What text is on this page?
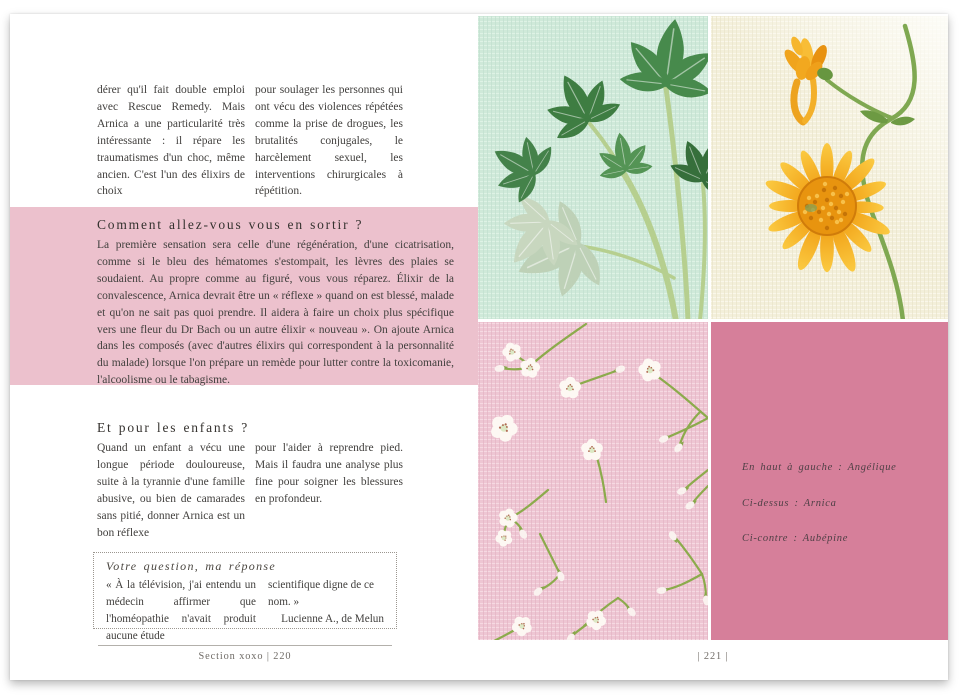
dérer qu'il fait double emploi avec Rescue Remedy. Mais Arnica a une particularité très intéressante : il répare les traumatismes d'un choc, même ancien. C'est l'un des élixirs de choix

pour soulager les personnes qui ont vécu des violences répétées comme la prise de drogues, les brutalités conjugales, le harcèlement sexuel, les interventions chirurgicales à répétition.

Comment allez-vous vous en sortir ?

La première sensation sera celle d'une régénération, d'une cicatrisation, comme si le bleu des hématomes s'estompait, les lèvres des plaies se soudaient. Au propre comme au figuré, vous vous réparez. Élixir de la convalescence, Arnica devrait être un « réflexe » quand on est blessé, malade et qu'on ne sait pas quoi prendre. Il aidera à faire un choix plus spécifique vers une fleur du Dr Bach ou un autre élixir « nouveau ». On ajoute Arnica dans les composés (avec d'autres élixirs qui correspondent à la personnalité du malade) lorsque l'on prépare un remède pour lutter contre la toxicomanie, l'alcoolisme ou le tabagisme.

Et pour les enfants ?

Quand un enfant a vécu une longue période douloureuse, suite à la tyrannie d'une famille abusive, ou bien de camarades sans pitié, donner Arnica est un bon réflexe

pour l'aider à reprendre pied. Mais il faudra une analyse plus fine pour soigner les blessures en profondeur.

Votre question, ma réponse

« À la télévision, j'ai entendu un médecin affirmer que l'homéopathie n'avait produit aucune étude

scientifique digne de ce nom. »

Lucienne A., de Melun

Section xoxo | 220

En haut à gauche : Angélique

Ci-dessus : Arnica

Ci-contre : Aubépine

| 221 |
